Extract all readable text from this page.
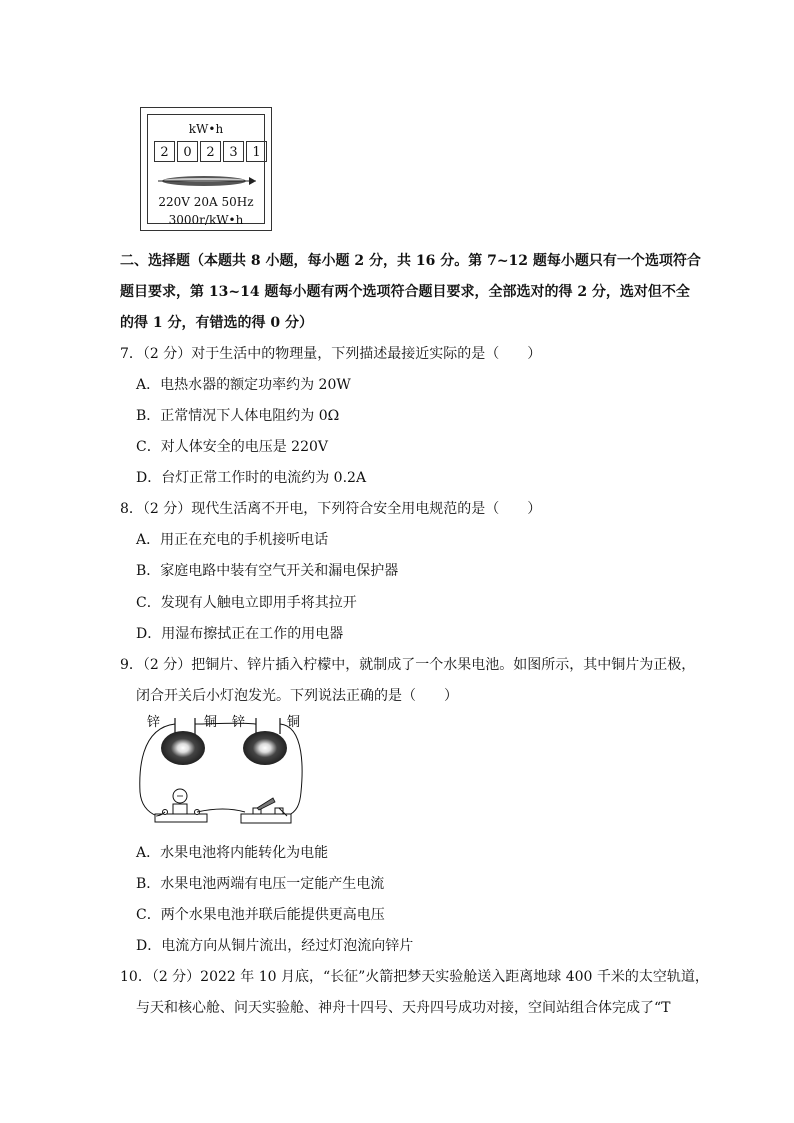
kW•h
2	0	2	3	1
220V 20A 50Hz
3000r/kW•h
二、选择题（本题共 8 小题，每小题 2 分，共 16 分。第 7~12 题每小题只有一个选项符合
题目要求，第 13~14 题每小题有两个选项符合题目要求，全部选对的得 2 分，选对但不全
的得 1 分，有错选的得 0 分）
7．（2 分）对于生活中的物理量，下列描述最接近实际的是（　　）
A．电热水器的额定功率约为 20W
B．正常情况下人体电阻约为 0Ω
C．对人体安全的电压是 220V
D．台灯正常工作时的电流约为 0.2A
8．（2 分）现代生活离不开电，下列符合安全用电规范的是（　　）
A．用正在充电的手机接听电话
B．家庭电路中装有空气开关和漏电保护器
C．发现有人触电立即用手将其拉开
D．用湿布擦拭正在工作的用电器
9．（2 分）把铜片、锌片插入柠檬中，就制成了一个水果电池。如图所示，其中铜片为正极，
闭合开关后小灯泡发光。下列说法正确的是（　　）
锌	铜 锌	铜
A．水果电池将内能转化为电能
B．水果电池两端有电压一定能产生电流
C．两个水果电池并联后能提供更高电压
D．电流方向从铜片流出，经过灯泡流向锌片
10．（2 分）2022 年 10 月底，“长征”火箭把梦天实验舱送入距离地球 400 千米的太空轨道，
与天和核心舱、问天实验舱、神舟十四号、天舟四号成功对接，空间站组合体完成了“T
